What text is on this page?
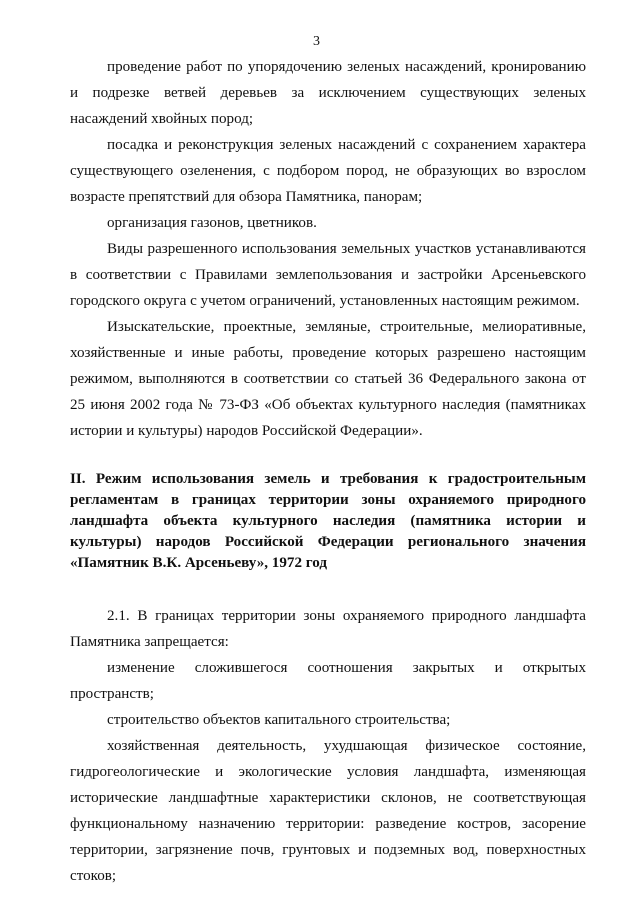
3

проведение работ по упорядочению зеленых насаждений, кронированию и подрезке ветвей деревьев за исключением существующих зеленых насаждений хвойных пород;

посадка и реконструкция зеленых насаждений с сохранением характера существующего озеленения, с подбором пород, не образующих во взрослом возрасте препятствий для обзора Памятника, панорам;

организация газонов, цветников.

Виды разрешенного использования земельных участков устанавливаются в соответствии с Правилами землепользования и застройки Арсеньевского городского округа с учетом ограничений, установленных настоящим режимом.

Изыскательские, проектные, земляные, строительные, мелиоративные, хозяйственные и иные работы, проведение которых разрешено настоящим режимом, выполняются в соответствии со статьей 36 Федерального закона от 25 июня 2002 года № 73-ФЗ «Об объектах культурного наследия (памятниках истории и культуры) народов Российской Федерации».

II. Режим использования земель и требования к градостроительным регламентам в границах территории зоны охраняемого природного ландшафта объекта культурного наследия (памятника истории и культуры) народов Российской Федерации регионального значения «Памятник В.К. Арсеньеву», 1972 год

2.1. В границах территории зоны охраняемого природного ландшафта Памятника запрещается:

изменение сложившегося соотношения закрытых и открытых пространств;

строительство объектов капитального строительства;

хозяйственная деятельность, ухудшающая физическое состояние, гидрогеологические и экологические условия ландшафта, изменяющая исторические ландшафтные характеристики склонов, не соответствующая функциональному назначению территории: разведение костров, засорение территории, загрязнение почв, грунтовых и подземных вод, поверхностных стоков;
